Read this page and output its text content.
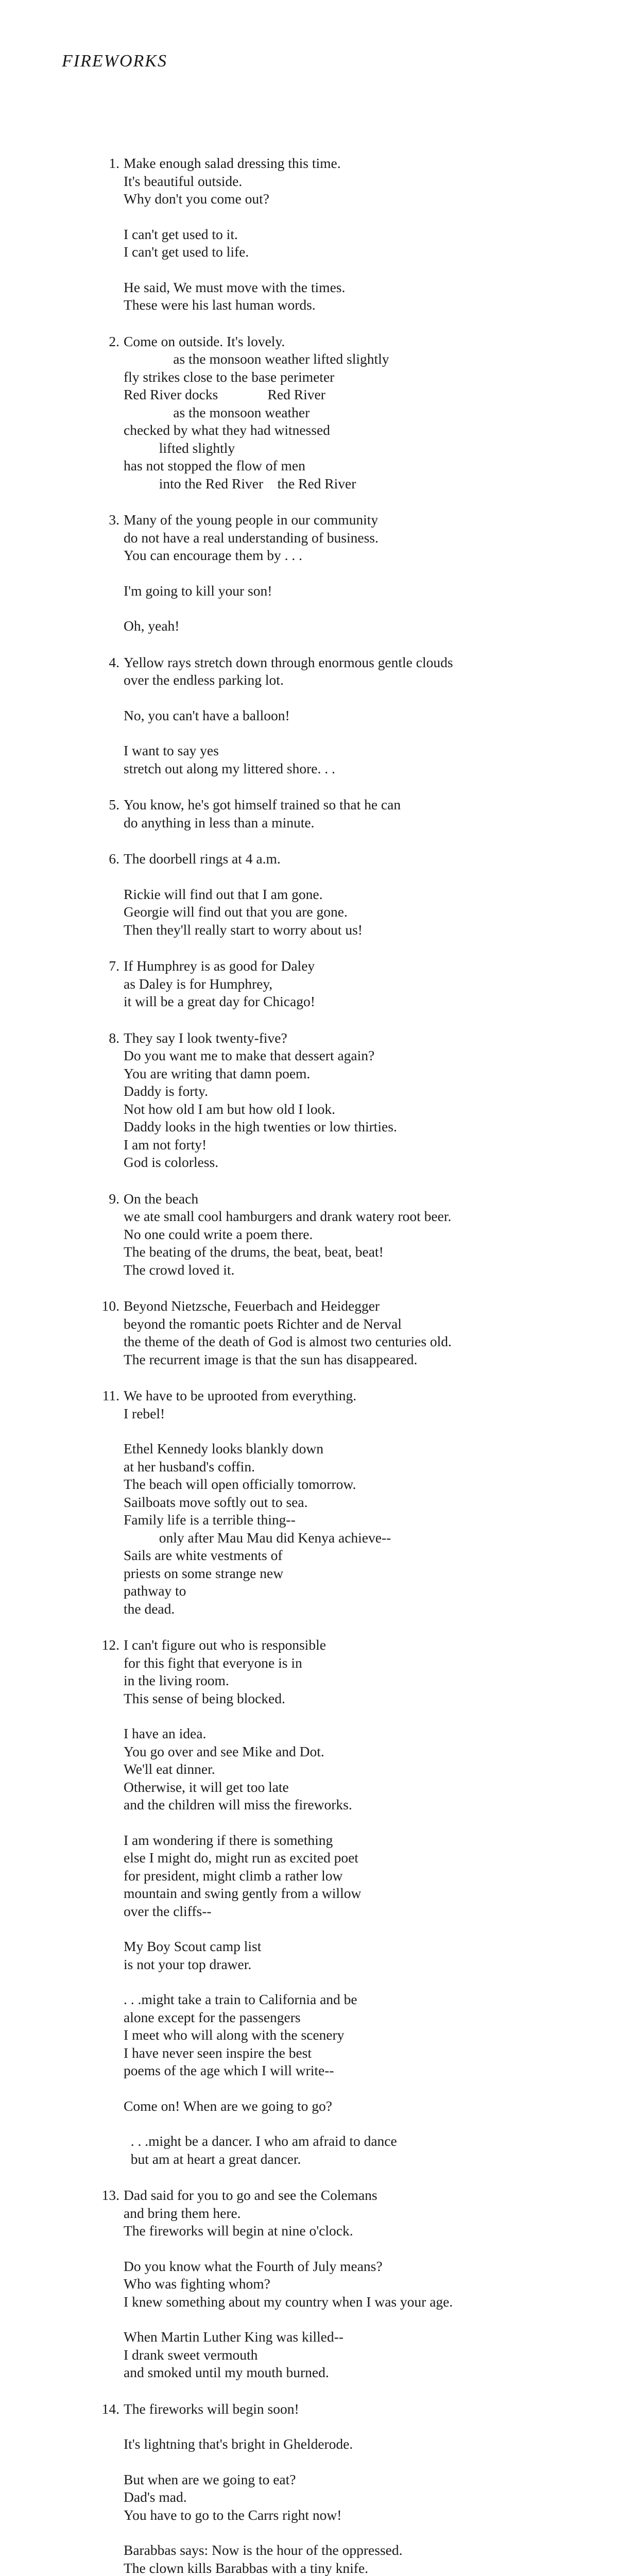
FIREWORKS
1. Make enough salad dressing this time.
It's beautiful outside.
Why don't you come out?
I can't get used to it.
I can't get used to life.
He said, We must move with the times.
These were his last human words.
2. Come on outside. It's lovely.
as the monsoon weather lifted slightly
fly strikes close to the base perimeter
Red River docks              Red River
as the monsoon weather
checked by what they had witnessed
lifted slightly
has not stopped the flow of men
into the Red River    the Red River
3. Many of the young people in our community
do not have a real understanding of business.
You can encourage them by . . .
I'm going to kill your son!
Oh, yeah!
4. Yellow rays stretch down through enormous gentle clouds
over the endless parking lot.
No, you can't have a balloon!
I want to say yes
stretch out along my littered shore. . .
5. You know, he's got himself trained so that he can
do anything in less than a minute.
6. The doorbell rings at 4 a.m.
Rickie will find out that I am gone.
Georgie will find out that you are gone.
Then they'll really start to worry about us!
7. If Humphrey is as good for Daley
as Daley is for Humphrey,
it will be a great day for Chicago!
8. They say I look twenty-five?
Do you want me to make that dessert again?
You are writing that damn poem.
Daddy is forty.
Not how old I am but how old I look.
Daddy looks in the high twenties or low thirties.
I am not forty!
God is colorless.
9. On the beach
we ate small cool hamburgers and drank watery root beer.
No one could write a poem there.
The beating of the drums, the beat, beat, beat!
The crowd loved it.
10. Beyond Nietzsche, Feuerbach and Heidegger
beyond the romantic poets Richter and de Nerval
the theme of the death of God is almost two centuries old.
The recurrent image is that the sun has disappeared.
11. We have to be uprooted from everything.
I rebel!
Ethel Kennedy looks blankly down
at her husband's coffin.
The beach will open officially tomorrow.
Sailboats move softly out to sea.
Family life is a terrible thing--
only after Mau Mau did Kenya achieve--
Sails are white vestments of
priests on some strange new
pathway to
the dead.
12. I can't figure out who is responsible
for this fight that everyone is in
in the living room.
This sense of being blocked.
I have an idea.
You go over and see Mike and Dot.
We'll eat dinner.
Otherwise, it will get too late
and the children will miss the fireworks.
I am wondering if there is something
else I might do, might run as excited poet
for president, might climb a rather low
mountain and swing gently from a willow
over the cliffs--
My Boy Scout camp list
is not your top drawer.
. . .might take a train to California and be
alone except for the passengers
I meet who will along with the scenery
I have never seen inspire the best
poems of the age which I will write--
Come on! When are we going to go?
. . .might be a dancer. I who am afraid to dance
but am at heart a great dancer.
13. Dad said for you to go and see the Colemans
and bring them here.
The fireworks will begin at nine o'clock.
Do you know what the Fourth of July means?
Who was fighting whom?
I knew something about my country when I was your age.
When Martin Luther King was killed--
I drank sweet vermouth
and smoked until my mouth burned.
14. The fireworks will begin soon!
It's lightning that's bright in Ghelderode.
But when are we going to eat?
Dad's mad.
You have to go to the Carrs right now!
Barabbas says: Now is the hour of the oppressed.
The clown kills Barabbas with a tiny knife.
